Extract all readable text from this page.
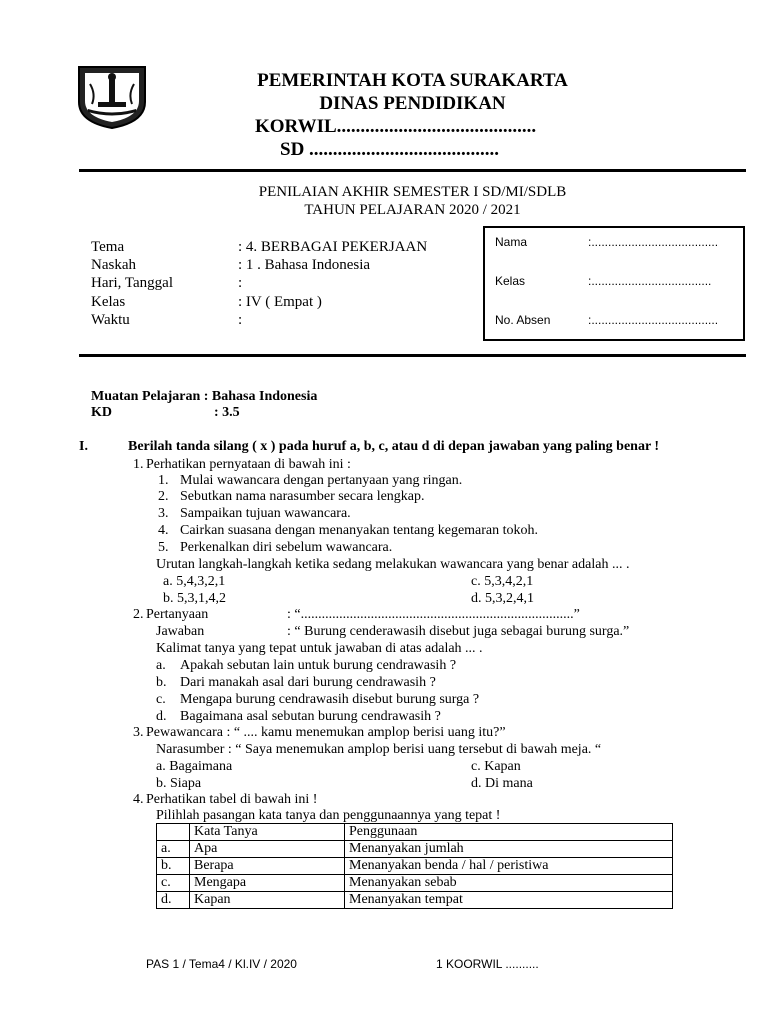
PEMERINTAH KOTA SURAKARTA
DINAS PENDIDIKAN
KORWIL..........................................
SD ........................................
PENILAIAN AKHIR SEMESTER I SD/MI/SDLB
TAHUN PELAJARAN 2020 / 2021
Tema	: 4. BERBAGAI PEKERJAAN
Naskah	: 1 . Bahasa Indonesia
Hari, Tanggal	:
Kelas	: IV ( Empat )
Waktu	:
Nama	:......................................
Kelas	:....................................
No. Absen	:......................................
Muatan Pelajaran : Bahasa Indonesia
KD	: 3.5
I.	Berilah tanda silang ( x ) pada huruf a, b, c, atau d di depan jawaban yang paling benar !
1. Perhatikan pernyataan di bawah ini :
1. Mulai wawancara dengan pertanyaan yang ringan.
2. Sebutkan nama narasumber secara lengkap.
3. Sampaikan tujuan wawancara.
4. Cairkan suasana dengan menanyakan tentang kegemaran tokoh.
5. Perkenalkan diri sebelum wawancara.
Urutan langkah-langkah ketika sedang melakukan wawancara yang benar adalah ... .
a. 5,4,3,2,1	c. 5,3,4,2,1
b. 5,3,1,4,2	d. 5,3,2,4,1
2. Pertanyaan	: “..............................................................................”
Jawaban	: “ Burung cenderawasih disebut juga sebagai burung surga.”
Kalimat tanya yang tepat untuk jawaban di atas adalah ... .
a. Apakah sebutan lain untuk burung cendrawasih ?
b. Dari manakah asal dari burung cendrawasih ?
c. Mengapa burung cendrawasih disebut burung surga ?
d. Bagaimana asal sebutan burung cendrawasih ?
3. Pewawancara : “ .... kamu menemukan amplop berisi uang itu?”
Narasumber : “ Saya menemukan amplop berisi uang tersebut di bawah meja. “
a. Bagaimana	c. Kapan
b. Siapa	d. Di mana
4. Perhatikan tabel di bawah ini !
Pilihlah pasangan kata tanya dan penggunaannya yang tepat !
	Kata Tanya	Penggunaan
a.	Apa	Menanyakan jumlah
b.	Berapa	Menanyakan benda / hal / peristiwa
c.	Mengapa	Menanyakan sebab
d.	Kapan	Menanyakan tempat
PAS 1 / Tema4 / Kl.IV / 2020	1 KOORWIL ..........
